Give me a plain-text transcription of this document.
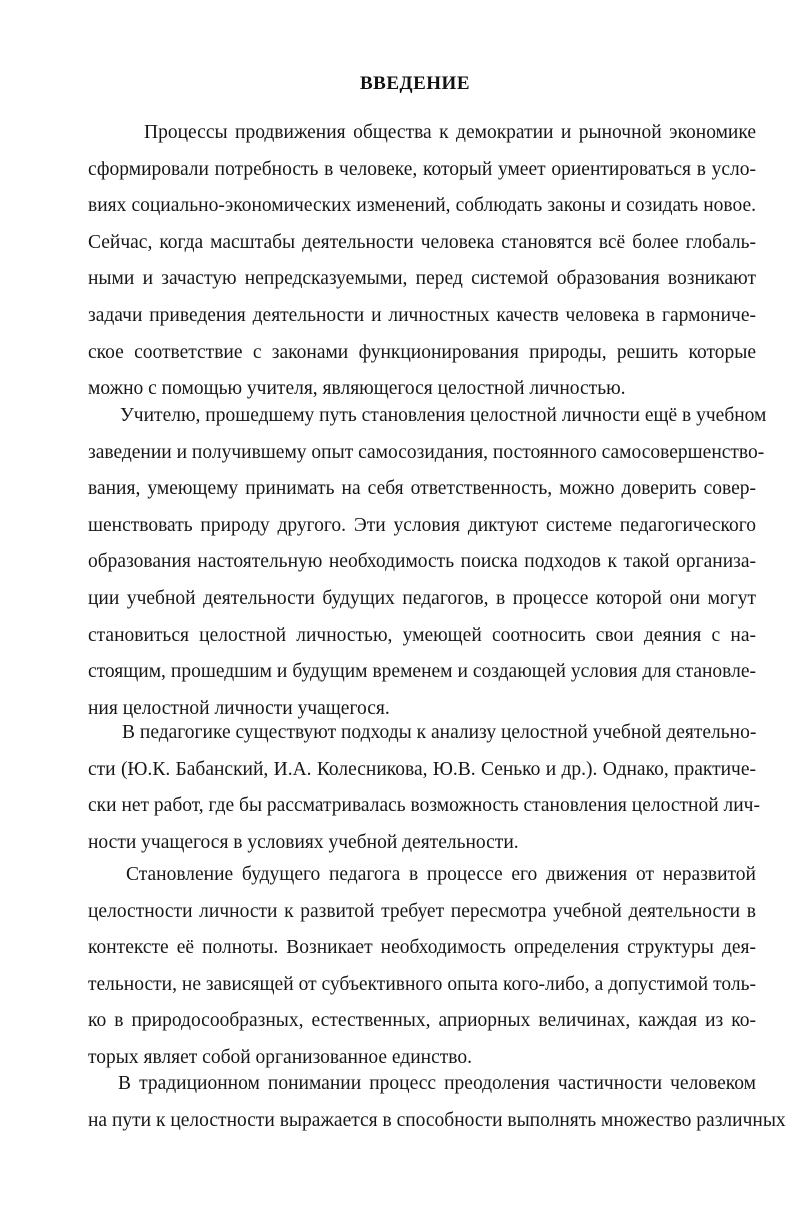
ВВЕДЕНИЕ
Процессы продвижения общества к демократии и рыночной экономике
сформировали потребность в человеке, который умеет ориентироваться в усло-
виях социально-экономических изменений, соблюдать законы и созидать новое.
Сейчас, когда масштабы деятельности человека становятся всё более глобаль-
ными и зачастую непредсказуемыми, перед системой образования возникают
задачи приведения деятельности и личностных качеств человека в гармониче-
ское соответствие с законами функционирования природы, решить которые
можно с помощью учителя, являющегося целостной личностью.
Учителю, прошедшему путь становления целостной личности ещё в учебном
заведении и получившему опыт самосозидания, постоянного самосовершенство-
вания, умеющему принимать на себя ответственность, можно доверить совер-
шенствовать природу другого. Эти условия диктуют системе педагогического
образования настоятельную необходимость поиска подходов к такой организа-
ции учебной деятельности будущих педагогов, в процессе которой они могут
становиться целостной личностью, умеющей соотносить свои деяния с на-
стоящим, прошедшим и будущим временем и создающей условия для становле-
ния целостной личности учащегося.
В педагогике существуют подходы к анализу целостной учебной деятельно-
сти (Ю.К. Бабанский, И.А. Колесникова, Ю.В. Сенько и др.). Однако, практиче-
ски нет работ, где бы рассматривалась возможность становления целостной лич-
ности учащегося в условиях учебной деятельности.
Становление будущего педагога в процессе его движения от неразвитой
целостности личности к развитой требует пересмотра учебной деятельности в
контексте её полноты. Возникает необходимость определения структуры дея-
тельности, не зависящей от субъективного опыта кого-либо, а допустимой толь-
ко в природосообразных, естественных, априорных величинах, каждая из ко-
торых являет собой организованное единство.
В традиционном понимании процесс преодоления частичности человеком
на пути к целостности выражается в способности выполнять множество различных
